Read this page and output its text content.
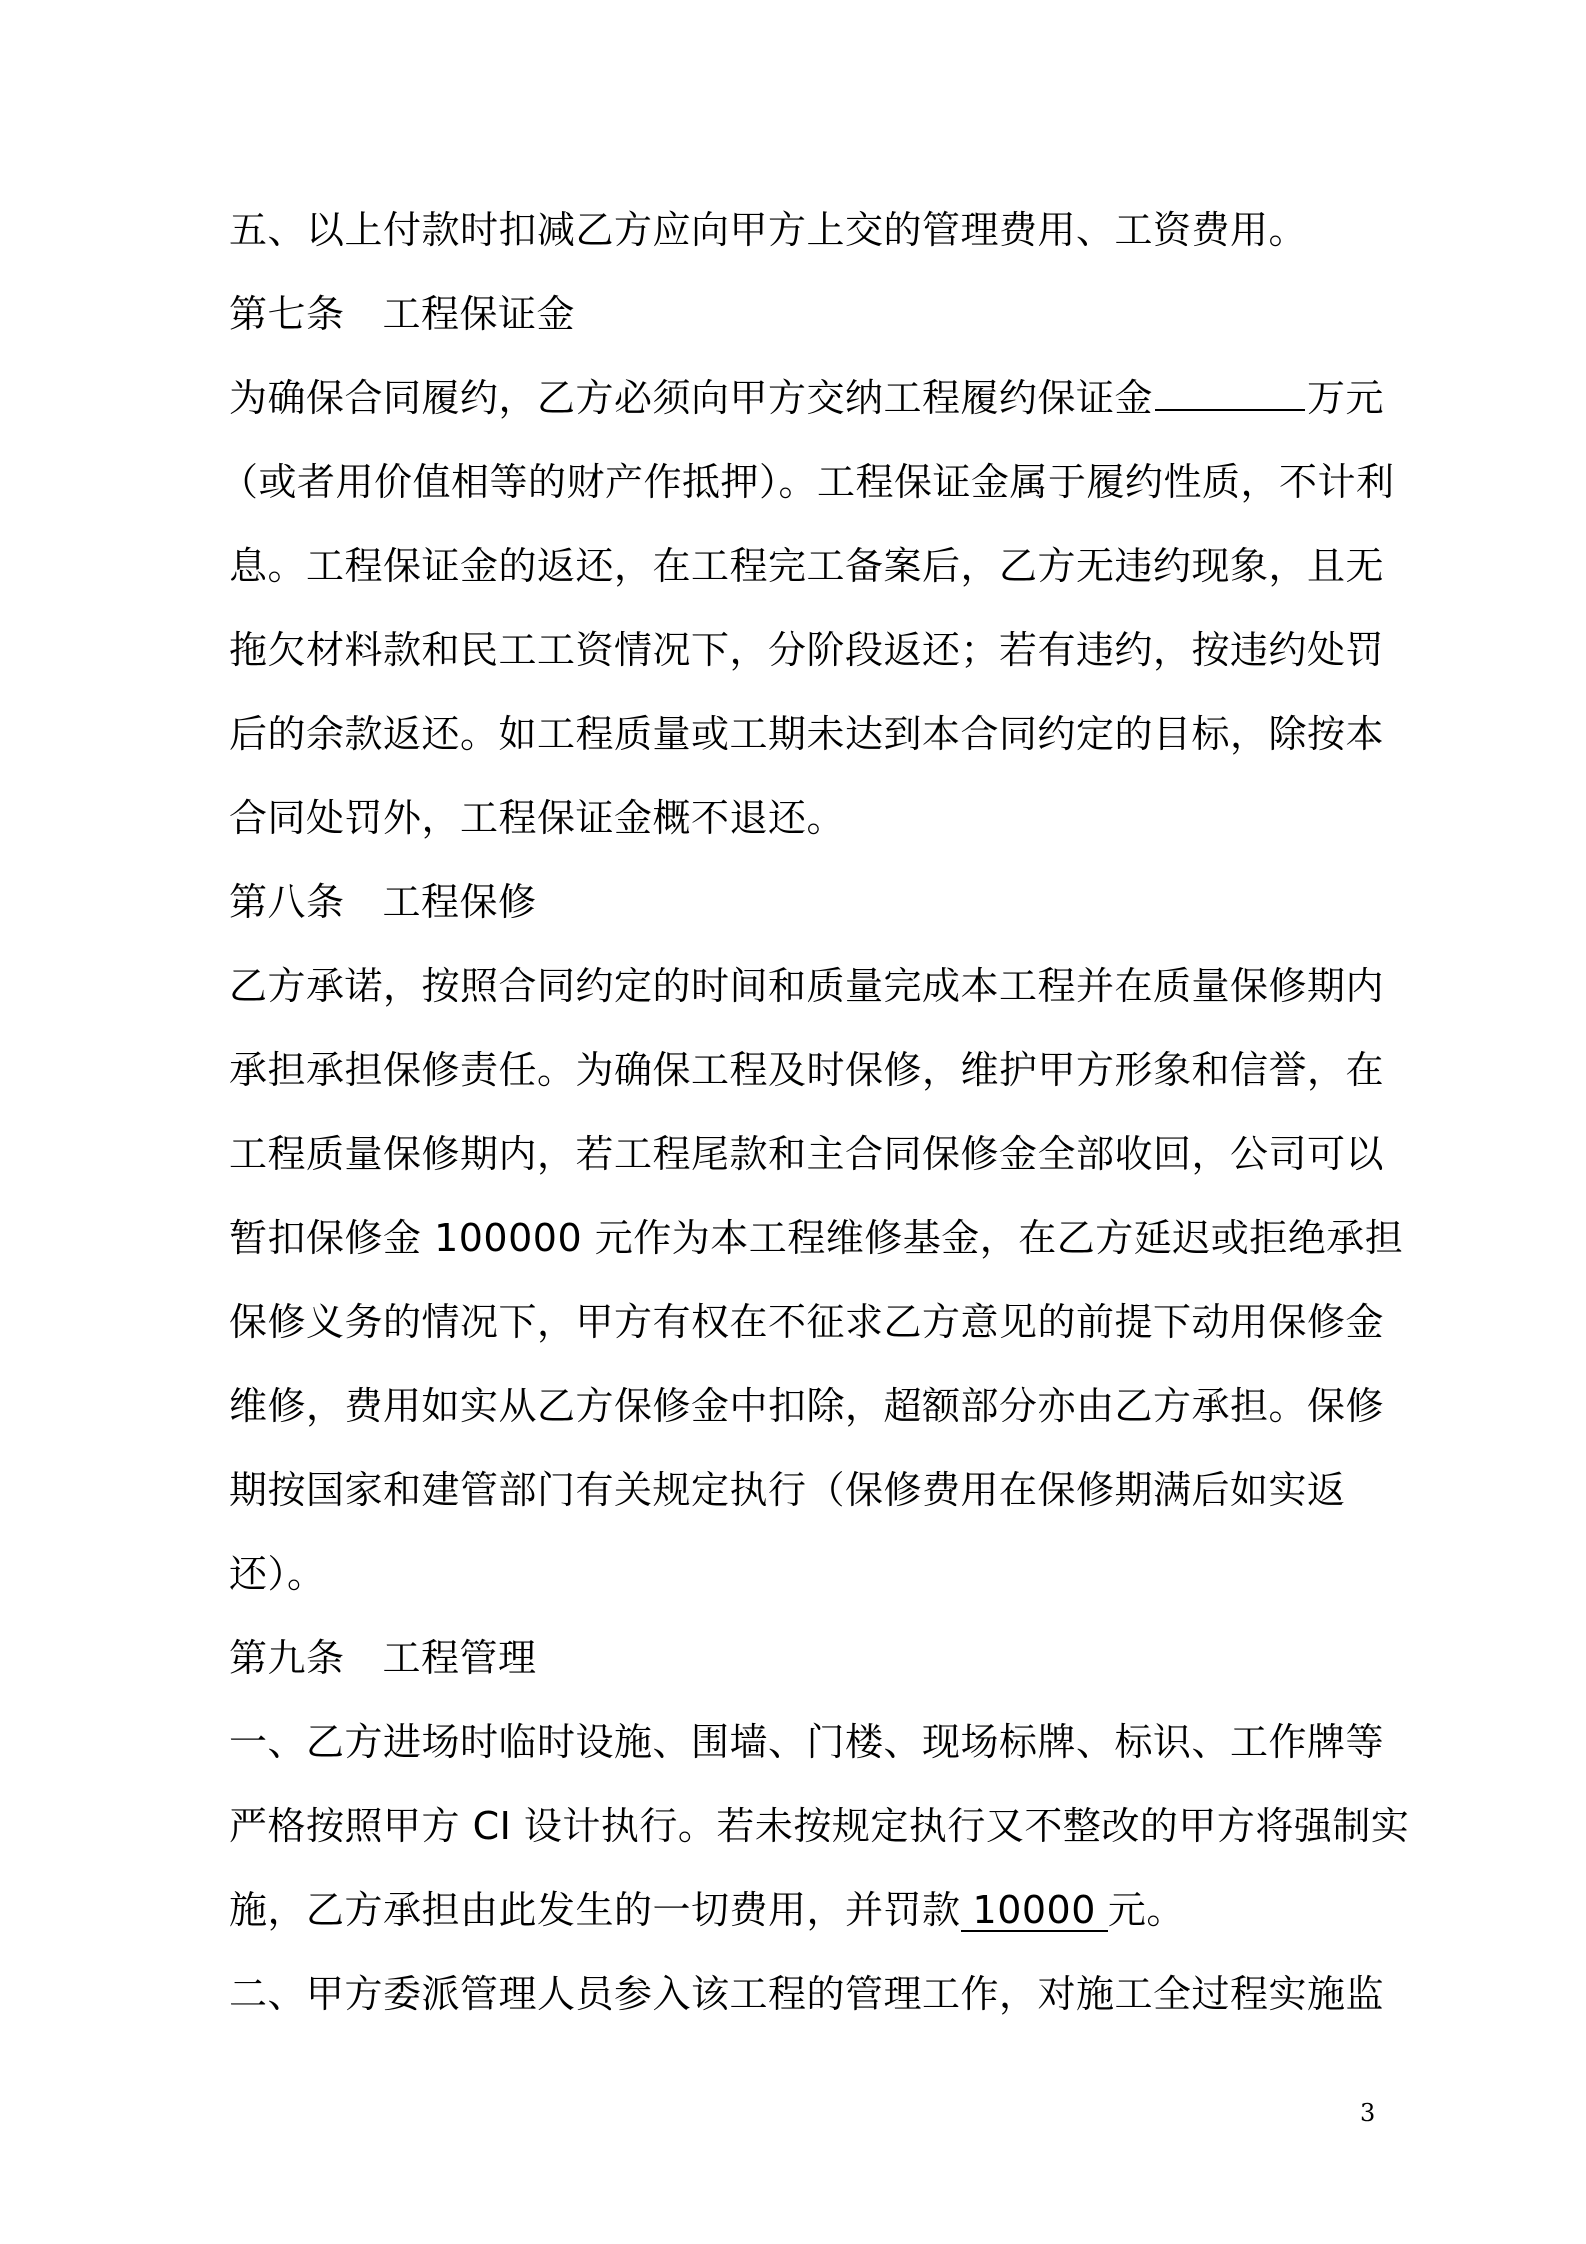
五、以上付款时扣减乙方应向甲方上交的管理费用、工资费用。
第七条 工程保证金
为确保合同履约，乙方必须向甲方交纳工程履约保证金	万元
（或者用价值相等的财产作抵押）。工程保证金属于履约性质，不计利
息。工程保证金的返还，在工程完工备案后，乙方无违约现象，且无
拖欠材料款和民工工资情况下，分阶段返还；若有违约，按违约处罚
后的余款返还。如工程质量或工期未达到本合同约定的目标，除按本
合同处罚外，工程保证金概不退还。
第八条 工程保修
乙方承诺，按照合同约定的时间和质量完成本工程并在质量保修期内
承担承担保修责任。为确保工程及时保修，维护甲方形象和信誉，在
工程质量保修期内，若工程尾款和主合同保修金全部收回，公司可以
暂扣保修金 100000 元作为本工程维修基金，在乙方延迟或拒绝承担
保修义务的情况下，甲方有权在不征求乙方意见的前提下动用保修金
维修，费用如实从乙方保修金中扣除，超额部分亦由乙方承担。保修
期按国家和建管部门有关规定执行（保修费用在保修期满后如实返
还）。
第九条 工程管理
一、乙方进场时临时设施、围墙、门楼、现场标牌、标识、工作牌等
严格按照甲方 CI 设计执行。若未按规定执行又不整改的甲方将强制实
施，乙方承担由此发生的一切费用，并罚款 10000 元。
二、甲方委派管理人员参入该工程的管理工作，对施工全过程实施监
3
